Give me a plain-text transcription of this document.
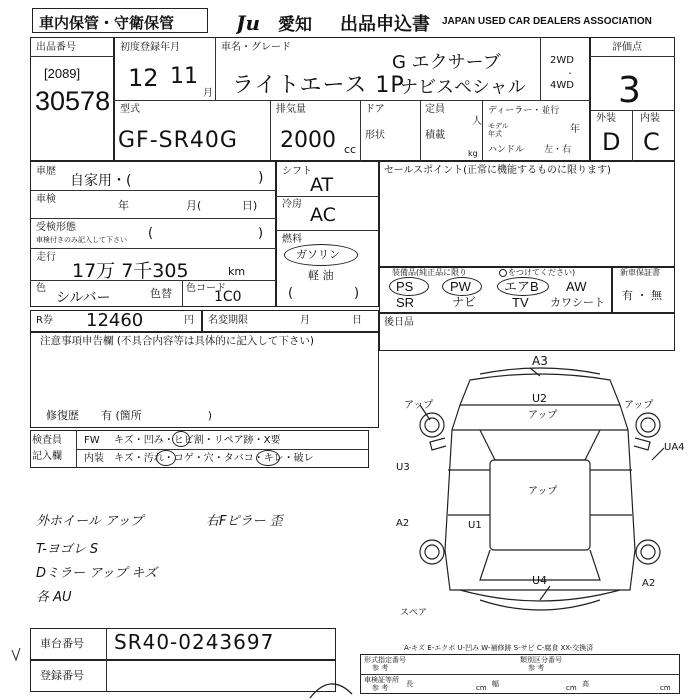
車内保管・守衛保管	Ju 愛知 出品申込書 JAPAN USED CAR DEALERS ASSOCIATION
出品番号
[2089]
30578
初度登録年月
12 11
月
車名・グレード
ライトエース 1P
G エクサーブ
ナビスペシャル
2WD
4WD
・
型式
GF-SR40G
排気量
2000 cc
ドア
形状
定員
人
積載
kg
ディーラー・並行
モデル
年式	年
ハンドル 左・右
評価点
3
外装 内装
D C
車歴
自家用・(	)
車検	年	月(	日)
受検形態
車検付きのみ記入して下さい (	)
走行
17万 7千305	km
色
シルバー	色替 色コード
1C0
シフト
AT
冷房 AC
燃料
ガソリン
軽 油
(	)
セールスポイント(正常に機能するものに限ります)
装備品(純正品に限り	をつけてください)
PS	PW	エアB AW
SR	ナビ	TV カワシート
新車保証書
有 ・ 無
R券 12460	円 名変期限	月	日 後日品
注意事項申告欄 (不具合内容等は具体的に記入して下さい)
修復歴　　有 (箇所　　　　　　)
検査員
記入欄
FW キズ・凹み・ヒビ割・リペア跡・X要
内装 キズ・汚れ・コゲ・穴・タバコ・キレ・破レ
外ホイール アップ	右Fピラー 歪
T-ヨゴレ S
Dミラー アップ キズ
各 AU
A3
U2
アップ
アップ	アップ
UA4
U3
アップ
A2	U1
U4	A2
スペア
A-キズ E-エクボ U-凹み W-補修跡 S-サビ C-腐食 XX-交換済
車台番号 SR40-0243697
登録番号
形式指定番号
参 考
類別区分番号
参 考
車検証等所
参 考	長	cm 幅	cm 高	cm
